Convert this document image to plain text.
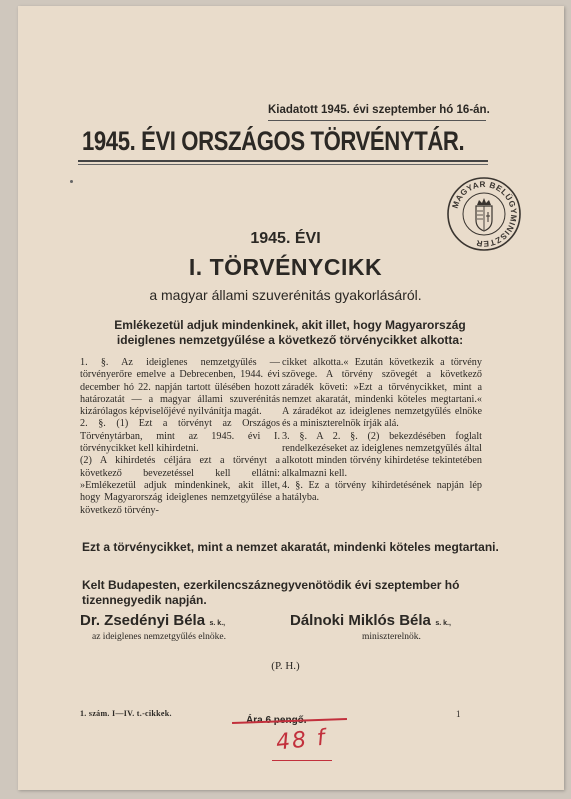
Kiadatott 1945. évi szeptember hó 16-án.
1945. ÉVI ORSZÁGOS TÖRVÉNYTÁR.
MAGYAR BELÜGYMINISZTER
1945. ÉVI
I. TÖRVÉNYCIKK
a magyar állami szuverénitás gyakorlásáról.
Emlékezetül adjuk mindenkinek, akit illet, hogy Magyarország
ideiglenes nemzetgyűlése a következő törvénycikket alkotta:

1. §. Az ideiglenes nemzetgyűlés — törvényerőre emelve a Debrecenben, 1944. évi december hó 22. napján tartott ülésében hozott határozatát — a magyar állami szuverénitás kizárólagos képviselőjévé nyilvánítja magát.

2. §. (1) Ezt a törvényt az Országos Törvénytárban, mint az 1945. évi I. törvénycikket kell kihirdetni.

(2) A kihirdetés céljára ezt a törvényt a következő bevezetéssel kell ellátni: »Emlékezetül adjuk mindenkinek, akit illet, hogy Magyarország ideiglenes nemzetgyűlése a következő törvény-

cikket alkotta.« Ezután következik a törvény szövege. A törvény szövegét a következő záradék követi: »Ezt a törvénycikket, mint a nemzet akaratát, mindenki köteles megtartani.« A záradékot az ideiglenes nemzetgyűlés elnöke és a miniszterelnök írják alá.

3. §. A 2. §. (2) bekezdésében foglalt rendelkezéseket az ideiglenes nemzetgyűlés által alkotott minden törvény kihirdetése tekintetében alkalmazni kell.

4. §. Ez a törvény kihirdetésének napján lép hatályba.

Ezt a törvénycikket, mint a nemzet akaratát, mindenki köteles megtartani.
Kelt Budapesten, ezerkilencszáznegyvenötödik évi szeptember hó tizennegyedik napján.
Dr. Zsedényi Béla s. k.,
az ideiglenes nemzetgyűlés elnöke.
Dálnoki Miklós Béla s. k.,
miniszterelnök.
(P. H.)
1. szám. I—IV. t.-cikkek.	1
48 f
